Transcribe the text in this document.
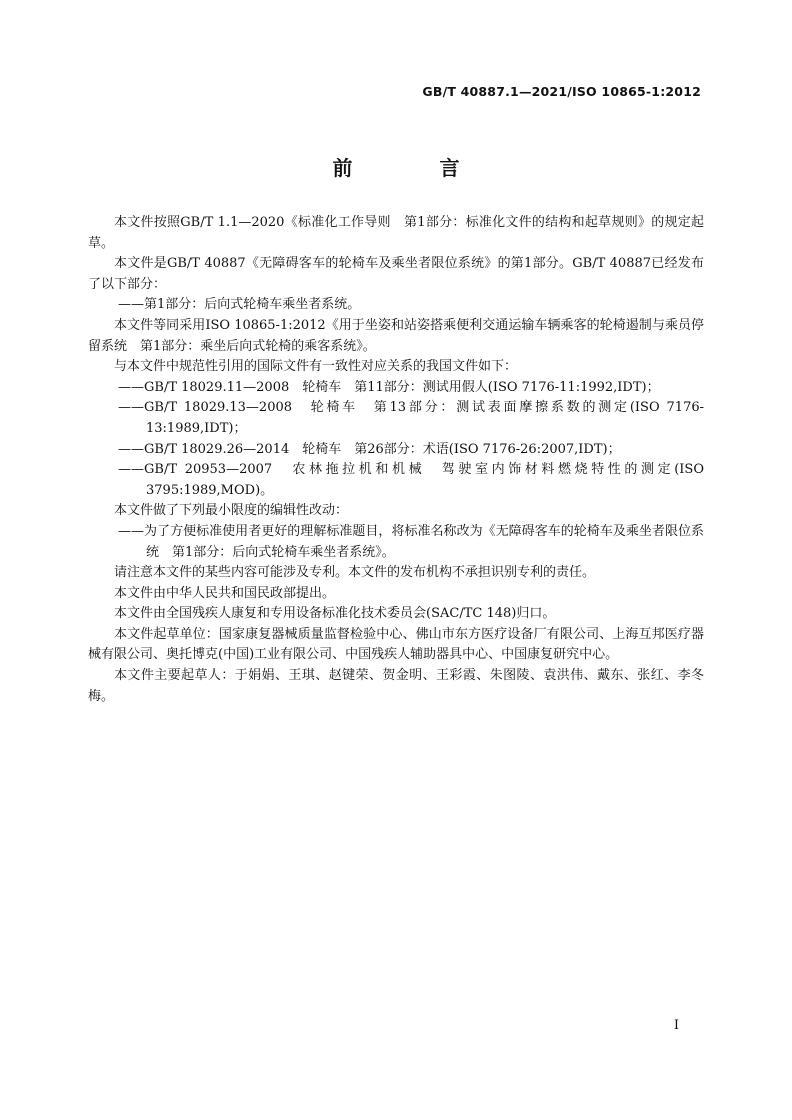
GB/T 40887.1—2021/ISO 10865-1:2012
前 言

本文件按照GB/T 1.1—2020《标准化工作导则　第1部分：标准化文件的结构和起草规则》的规定起草。

本文件是GB/T 40887《无障碍客车的轮椅车及乘坐者限位系统》的第1部分。GB/T 40887已经发布了以下部分：

——第1部分：后向式轮椅车乘坐者系统。

本文件等同采用ISO 10865-1:2012《用于坐姿和站姿搭乘便利交通运输车辆乘客的轮椅遏制与乘员停留系统　第1部分：乘坐后向式轮椅的乘客系统》。

与本文件中规范性引用的国际文件有一致性对应关系的我国文件如下：

——GB/T 18029.11—2008　轮椅车　第11部分：测试用假人(ISO 7176-11:1992,IDT)；

——GB/T 18029.13—2008　轮椅车　第13部分：测试表面摩擦系数的测定(ISO 7176-13:1989,IDT)；

——GB/T 18029.26—2014　轮椅车　第26部分：术语(ISO 7176-26:2007,IDT)；

——GB/T 20953—2007　农林拖拉机和机械　驾驶室内饰材料燃烧特性的测定(ISO 3795:1989,MOD)。

本文件做了下列最小限度的编辑性改动：

——为了方便标准使用者更好的理解标准题目，将标准名称改为《无障碍客车的轮椅车及乘坐者限位系统　第1部分：后向式轮椅车乘坐者系统》。

请注意本文件的某些内容可能涉及专利。本文件的发布机构不承担识别专利的责任。

本文件由中华人民共和国民政部提出。

本文件由全国残疾人康复和专用设备标准化技术委员会(SAC/TC 148)归口。

本文件起草单位：国家康复器械质量监督检验中心、佛山市东方医疗设备厂有限公司、上海互邦医疗器械有限公司、奥托博克(中国)工业有限公司、中国残疾人辅助器具中心、中国康复研究中心。

本文件主要起草人：于娟娟、王琪、赵键荣、贺金明、王彩霞、朱图陵、袁洪伟、戴东、张红、李冬梅。

I
